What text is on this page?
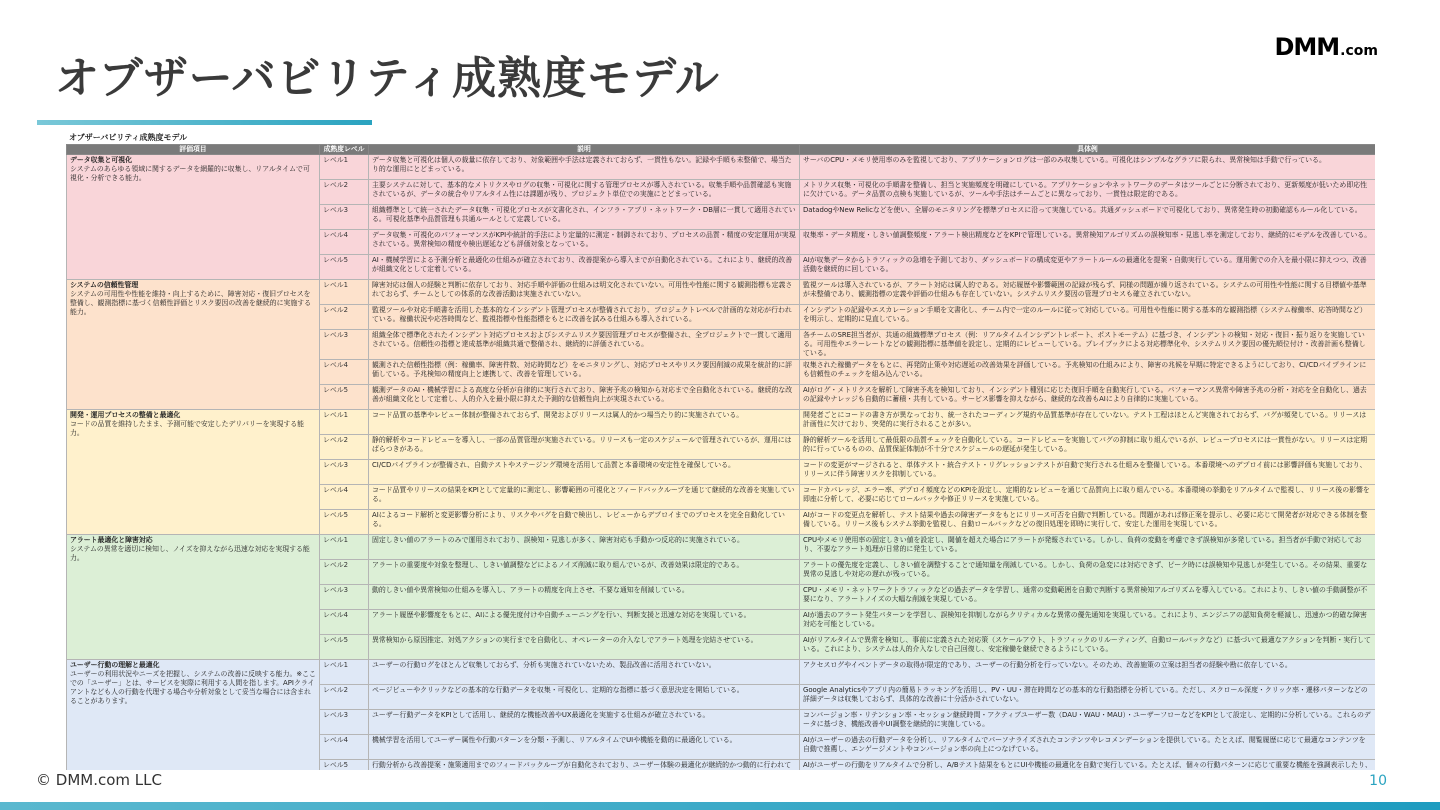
オブザーバビリティ成熟度モデル
DMM .com
オブザーバビリティ成熟度モデル
評価項目	成熟度レベル	説明	具体例

データ収集と可視化
システムのあらゆる領域に関するデータを網羅的に収集し、リアルタイムで可視化・分析できる能力。	レベル1	データ収集と可視化は個人の裁量に依存しており、対象範囲や手法は定義されておらず、一貫性もない。記録や手順も未整備で、場当たり的な運用にとどまっている。	サーバのCPU・メモリ使用率のみを監視しており、アプリケーションログは一部のみ収集している。可視化はシンプルなグラフに限られ、異常検知は手動で行っている。
	レベル2	主要システムに対して、基本的なメトリクスやログの収集・可視化に関する管理プロセスが導入されている。収集手順や品質確認も実施されているが、データの統合やリアルタイム性には課題が残り、プロジェクト単位での実施にとどまっている。	メトリクス収集・可視化の手順書を整備し、担当と実施頻度を明確にしている。アプリケーションやネットワークのデータはツールごとに分断されており、更新頻度が低いため即応性に欠けている。データ品質の点検も実施しているが、ツールや手法はチームごとに異なっており、一貫性は限定的である。
	レベル3	組織標準として統一されたデータ収集・可視化プロセスが文書化され、インフラ・アプリ・ネットワーク・DB層に一貫して適用されている。可視化基準や品質管理も共通ルールとして定義している。	DatadogやNew Relicなどを使い、全層のモニタリングを標準プロセスに沿って実施している。共通ダッシュボードで可視化しており、異常発生時の初動確認もルール化している。
	レベル4	データ収集・可視化のパフォーマンスがKPIや統計的手法により定量的に測定・制御されており、プロセスの品質・精度の安定運用が実現されている。異常検知の精度や検出遅延なども評価対象となっている。	収集率・データ精度・しきい値調整頻度・アラート検出精度などをKPIで管理している。異常検知アルゴリズムの誤検知率・見逃し率を測定しており、継続的にモデルを改善している。
	レベル5	AI・機械学習による予測分析と最適化の仕組みが確立されており、改善提案から導入までが自動化されている。これにより、継続的改善が組織文化として定着している。	AIが収集データからトラフィックの急増を予測しており、ダッシュボードの構成変更やアラートルールの最適化を提案・自動実行している。運用側での介入を最小限に抑えつつ、改善活動を継続的に回している。

システムの信頼性管理
システムの可用性や性能を維持・向上するために、障害対応・復旧プロセスを整備し、観測指標に基づく信頼性評価とリスク要因の改善を継続的に実施する能力。	レベル1	障害対応は個人の経験と判断に依存しており、対応手順や評価の仕組みは明文化されていない。可用性や性能に関する観測指標も定義されておらず、チームとしての体系的な改善活動は実施されていない。	監視ツールは導入されているが、アラート対応は属人的である。対応履歴や影響範囲の記録が残らず、同様の問題が繰り返されている。システムの可用性や性能に関する目標値や基準が未整備であり、観測指標の定義や評価の仕組みも存在していない。システムリスク要因の管理プロセスも確立されていない。
	レベル2	監視ツールや対応手順書を活用した基本的なインシデント管理プロセスが整備されており、プロジェクトレベルで計画的な対応が行われている。稼働状況や応答時間など、監視指標や性能指標をもとに改善を試みる仕組みも導入されている。	インシデントの記録やエスカレーション手順を文書化し、チーム内で一定のルールに従って対応している。可用性や性能に関する基本的な観測指標（システム稼働率、応答時間など）を明示し、定期的に見直している。
	レベル3	組織全体で標準化されたインシデント対応プロセスおよびシステムリスク要因管理プロセスが整備され、全プロジェクトで一貫して適用されている。信頼性の指標と達成基準が組織共通で整備され、継続的に評価されている。	各チームのSRE担当者が、共通の組織標準プロセス（例：リアルタイムインシデントレポート、ポストモーテム）に基づき、インシデントの検知・対応・復旧・振り返りを実施している。可用性やエラーレートなどの観測指標に基準値を設定し、定期的にレビューしている。プレイブックによる対応標準化や、システムリスク要因の優先順位付け・改善計画も整備している。
	レベル4	観測された信頼性指標（例：稼働率、障害件数、対応時間など）をモニタリングし、対応プロセスやリスク要因削減の成果を統計的に評価している。予兆検知の精度向上と連携して、改善を管理している。	収集された稼働データをもとに、再発防止策や対応遅延の改善効果を評価している。予兆検知の仕組みにより、障害の兆候を早期に特定できるようにしており、CI/CDパイプラインにも信頼性のチェックを組み込んでいる。
	レベル5	観測データのAI・機械学習による高度な分析が自律的に実行されており、障害予兆の検知から対応まで全自動化されている。継続的な改善が組織文化として定着し、人的介入を最小限に抑えた予測的な信頼性向上が実現されている。	AIがログ・メトリクスを解析して障害予兆を検知しており、インシデント種別に応じた復旧手順を自動実行している。パフォーマンス異常や障害予兆の分析・対応を全自動化し、過去の記録やナレッジも自動的に蓄積・共有している。サービス影響を抑えながら、継続的な改善もAIにより自律的に実施している。

開発・運用プロセスの整備と最適化
コードの品質を維持したまま、予測可能で安定したデリバリーを実現する能力。	レベル1	コード品質の基準やレビュー体制が整備されておらず、開発およびリリースは属人的かつ場当たり的に実施されている。	開発者ごとにコードの書き方が異なっており、統一されたコーディング規約や品質基準が存在していない。テスト工程はほとんど実施されておらず、バグが頻発している。リリースは計画性に欠けており、突発的に実行されることが多い。
	レベル2	静的解析やコードレビューを導入し、一部の品質管理が実施されている。リリースも一定のスケジュールで管理されているが、運用にはばらつきがある。	静的解析ツールを活用して最低限の品質チェックを自動化している。コードレビューを実施してバグの抑制に取り組んでいるが、レビュープロセスには一貫性がない。リリースは定期的に行っているものの、品質保証体制が不十分でスケジュールの遅延が発生している。
	レベル3	CI/CDパイプラインが整備され、自動テストやステージング環境を活用して品質と本番環境の安定性を確保している。	コードの変更がマージされると、単体テスト・統合テスト・リグレッションテストが自動で実行される仕組みを整備している。本番環境へのデプロイ前には影響評価も実施しており、リリースに伴う障害リスクを抑制している。
	レベル4	コード品質やリリースの結果をKPIとして定量的に測定し、影響範囲の可視化とフィードバックループを通じて継続的な改善を実施している。	コードカバレッジ、エラー率、デプロイ頻度などのKPIを設定し、定期的なレビューを通じて品質向上に取り組んでいる。本番環境の挙動をリアルタイムで監視し、リリース後の影響を即座に分析して、必要に応じてロールバックや修正リリースを実施している。
	レベル5	AIによるコード解析と変更影響分析により、リスクやバグを自動で検出し、レビューからデプロイまでのプロセスを完全自動化している。	AIがコードの変更点を解析し、テスト結果や過去の障害データをもとにリリース可否を自動で判断している。問題があれば修正案を提示し、必要に応じて開発者が対応できる体制を整備している。リリース後もシステム挙動を監視し、自動ロールバックなどの復旧処理を即時に実行して、安定した運用を実現している。

アラート最適化と障害対応
システムの異常を適切に検知し、ノイズを抑えながら迅速な対応を実現する能力。	レベル1	固定しきい値のアラートのみで運用されており、誤検知・見逃しが多く、障害対応も手動かつ反応的に実施されている。	CPUやメモリ使用率の固定しきい値を設定し、閾値を超えた場合にアラートが発報されている。しかし、負荷の変動を考慮できず誤検知が多発している。担当者が手動で対応しており、不要なアラート処理が日常的に発生している。
	レベル2	アラートの重要度や対象を整理し、しきい値調整などによるノイズ削減に取り組んでいるが、改善効果は限定的である。	アラートの優先度を定義し、しきい値を調整することで通知量を削減している。しかし、負荷の急変には対応できず、ピーク時には誤検知や見逃しが発生している。その結果、重要な異常の見逃しや対応の遅れが残っている。
	レベル3	動的しきい値や異常検知の仕組みを導入し、アラートの精度を向上させ、不要な通知を削減している。	CPU・メモリ・ネットワークトラフィックなどの過去データを学習し、通常の変動範囲を自動で判断する異常検知アルゴリズムを導入している。これにより、しきい値の手動調整が不要になり、アラートノイズの大幅な削減を実現している。
	レベル4	アラート履歴や影響度をもとに、AIによる優先度付けや自動チューニングを行い、判断支援と迅速な対応を実現している。	AIが過去のアラート発生パターンを学習し、誤検知を抑制しながらクリティカルな異常の優先通知を実現している。これにより、エンジニアの認知負荷を軽減し、迅速かつ的確な障害対応を可能としている。
	レベル5	異常検知から原因推定、対処アクションの実行までを自動化し、オペレーターの介入なしでアラート処理を完結させている。	AIがリアルタイムで異常を検知し、事前に定義された対応策（スケールアウト、トラフィックのリルーティング、自動ロールバックなど）に基づいて最適なアクションを判断・実行している。これにより、システムは人的介入なしで自己回復し、安定稼働を継続できるようにしている。

ユーザー行動の理解と最適化
ユーザーの利用状況やニーズを把握し、システムの改善に反映する能力。※ここでの「ユーザー」とは、サービスを実際に利用する人間を指します。APIクライアントなども人の行動を代理する場合や分析対象として妥当な場合には含まれることがあります。	レベル1	ユーザーの行動ログをほとんど収集しておらず、分析も実施されていないため、製品改善に活用されていない。	アクセスログやイベントデータの取得が限定的であり、ユーザーの行動分析を行っていない。そのため、改善施策の立案は担当者の経験や勘に依存している。
	レベル2	ページビューやクリックなどの基本的な行動データを収集・可視化し、定期的な指標に基づく意思決定を開始している。	Google Analyticsやアプリ内の簡易トラッキングを活用し、PV・UU・滞在時間などの基本的な行動指標を分析している。ただし、スクロール深度・クリック率・遷移パターンなどの詳細データは収集しておらず、具体的な改善に十分活かされていない。
	レベル3	ユーザー行動データをKPIとして活用し、継続的な機能改善やUX最適化を実施する仕組みが確立されている。	コンバージョン率・リテンション率・セッション継続時間・アクティブユーザー数（DAU・WAU・MAU）・ユーザーフローなどをKPIとして設定し、定期的に分析している。これらのデータに基づき、機能改善やUI調整を継続的に実施している。
	レベル4	機械学習を活用してユーザー属性や行動パターンを分類・予測し、リアルタイムでUIや機能を動的に最適化している。	AIがユーザーの過去の行動データを分析し、リアルタイムでパーソナライズされたコンテンツやレコメンデーションを提供している。たとえば、閲覧履歴に応じて最適なコンテンツを自動で推薦し、エンゲージメントやコンバージョン率の向上につなげている。
	レベル5	行動分析から改善提案・施策適用までのフィードバックループが自動化されており、ユーザー体験の最適化が継続的かつ動的に行われて	AIがユーザーの行動をリアルタイムで分析し、A/Bテスト結果をもとにUIや機能の最適化を自動で実行している。たとえば、個々の行動パターンに応じて重要な機能を強調表示したり、

© DMM.com LLC	10
